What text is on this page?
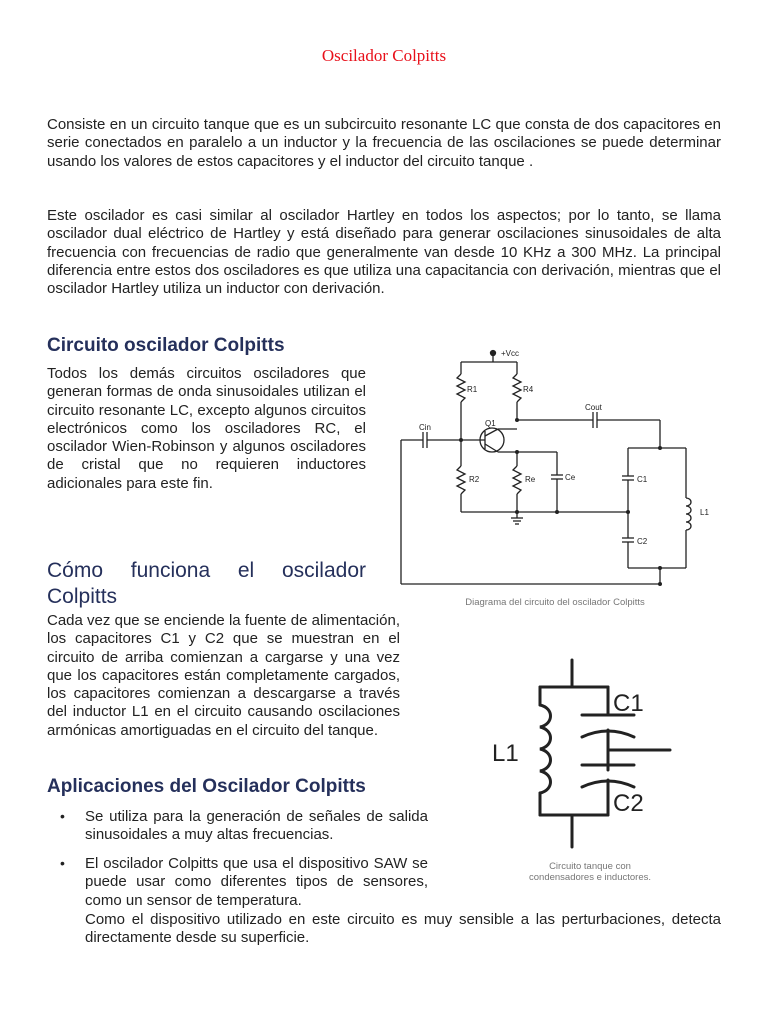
Oscilador Colpitts
Consiste en un circuito tanque que es un subcircuito resonante LC que consta de dos capacitores en serie conectados en paralelo a un inductor y la frecuencia de las oscilaciones se puede determinar usando los valores de estos capacitores y el inductor del circuito tanque .
Este oscilador es casi similar al oscilador Hartley en todos los aspectos; por lo tanto, se llama oscilador dual eléctrico de Hartley y está diseñado para generar oscilaciones sinusoidales de alta frecuencia con frecuencias de radio que generalmente van desde 10 KHz a 300 MHz. La principal diferencia entre estos dos osciladores es que utiliza una capacitancia con derivación, mientras que el oscilador Hartley utiliza un inductor con derivación.
Circuito oscilador Colpitts
Todos los demás circuitos osciladores que generan formas de onda sinusoidales utilizan el circuito resonante LC, excepto algunos circuitos electrónicos como los osciladores RC, el oscilador Wien-Robinson y algunos osciladores de cristal que no requieren inductores adicionales para este fin.
+Vcc
R1	R4
Q1
Cout
Cin
R2	Re	Ce	C1
C2
L1
Diagrama del circuito del oscilador Colpitts
Cómo funciona el oscilador Colpitts
Cada vez que se enciende la fuente de alimentación, los capacitores C1 y C2 que se muestran en el circuito de arriba comienzan a cargarse y una vez que los capacitores están completamente cargados, los capacitores comienzan a descargarse a través del inductor L1 en el circuito causando oscilaciones armónicas amortiguadas en el circuito del tanque.
C1
C2
L1
Circuito tanque con
condensadores e inductores.
Aplicaciones del Oscilador Colpitts
• Se utiliza para la generación de señales de salida sinusoidales a muy altas frecuencias.
• El oscilador Colpitts que usa el dispositivo SAW se puede usar como diferentes tipos de sensores, como un sensor de temperatura.
Como el dispositivo utilizado en este circuito es muy sensible a las perturbaciones, detecta directamente desde su superficie.
